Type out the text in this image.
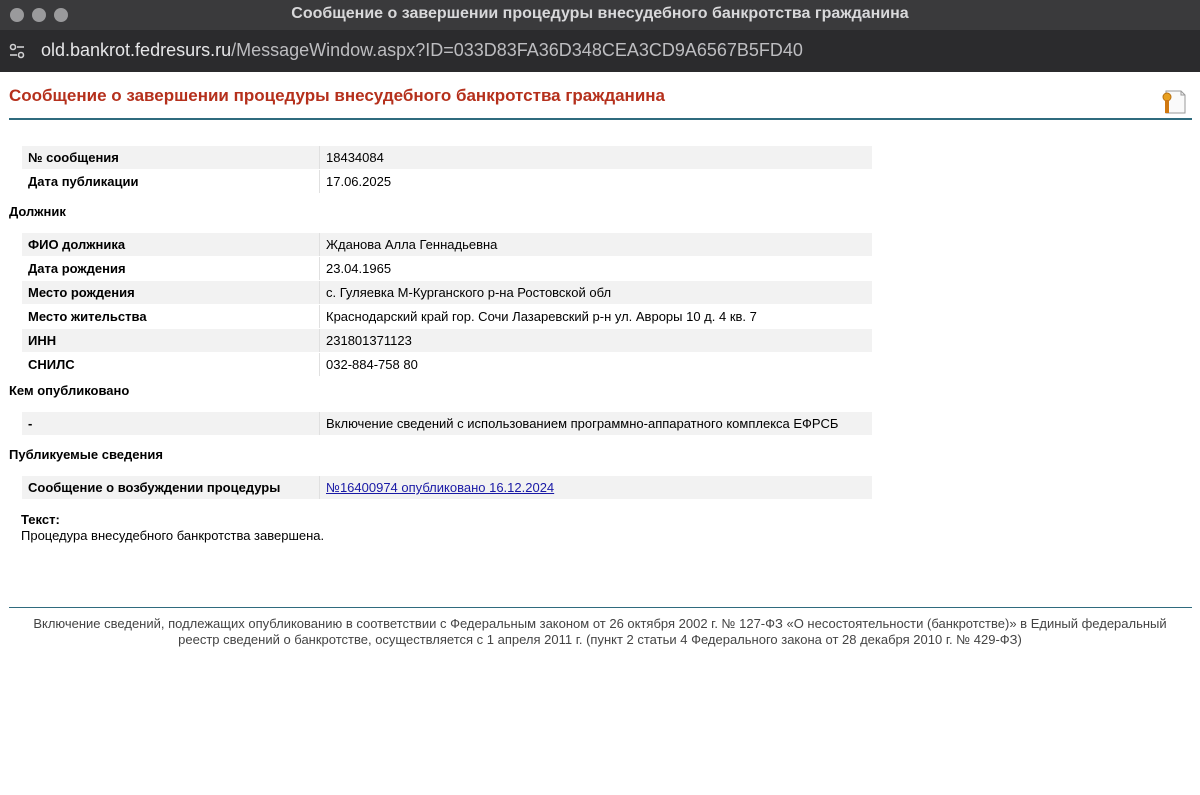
Сообщение о завершении процедуры внесудебного банкротства гражданина
old.bankrot.fedresurs.ru/MessageWindow.aspx?ID=033D83FA36D348CEA3CD9A6567B5FD40
Сообщение о завершении процедуры внесудебного банкротства гражданина
№ сообщения	18434084
Дата публикации	17.06.2025
Должник
ФИО должника	Жданова Алла Геннадьевна
Дата рождения	23.04.1965
Место рождения	с. Гуляевка М-Курганского р-на Ростовской обл
Место жительства	Краснодарский край гор. Сочи Лазаревский р-н ул. Авроры 10 д. 4 кв. 7
ИНН	231801371123
СНИЛС	032-884-758 80
Кем опубликовано
-	Включение сведений с использованием программно-аппаратного комплекса ЕФРСБ
Публикуемые сведения
Сообщение о возбуждении процедуры	№16400974 опубликовано 16.12.2024
Текст:
Процедура внесудебного банкротства завершена.
Включение сведений, подлежащих опубликованию в соответствии с Федеральным законом от 26 октября 2002 г. № 127-ФЗ «О несостоятельности (банкротстве)» в Единый федеральный реестр сведений о банкротстве, осуществляется с 1 апреля 2011 г. (пункт 2 статьи 4 Федерального закона от 28 декабря 2010 г. № 429-ФЗ)
